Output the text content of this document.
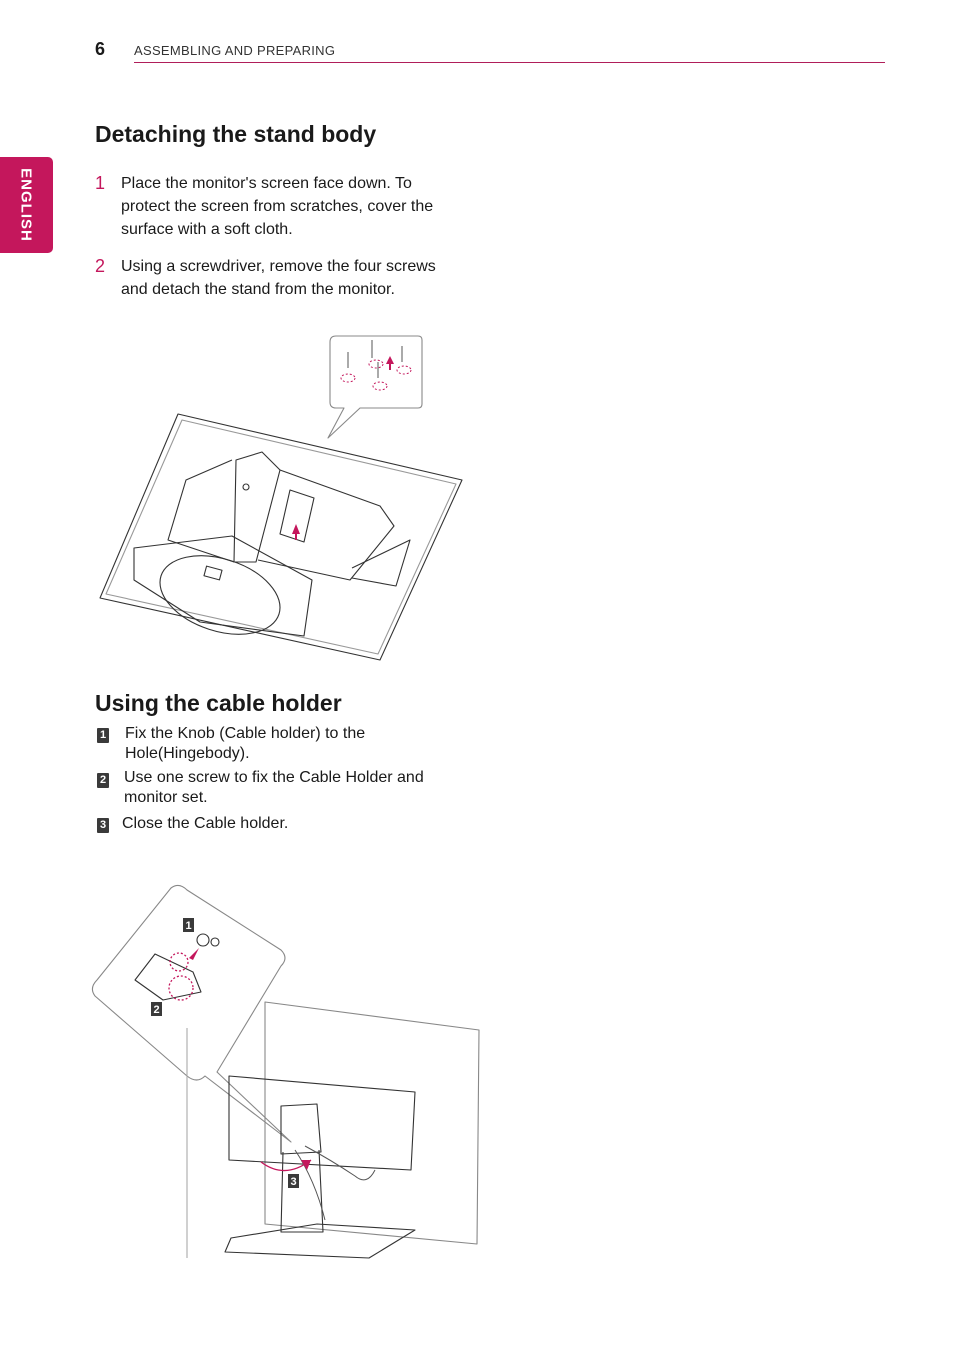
6 ASSEMBLING AND PREPARING
ENGLISH
Detaching the stand body
1 Place the monitor's screen face down. To
protect the screen from scratches, cover the
surface with a soft cloth.
2 Using a screwdriver, remove the four screws
and detach the stand from the monitor.
Using the cable holder
1 Fix the Knob (Cable holder) to the
Hole(Hingebody).
2 Use one screw to fix the Cable Holder and
monitor set.
3 Close the Cable holder.
1
2
3
